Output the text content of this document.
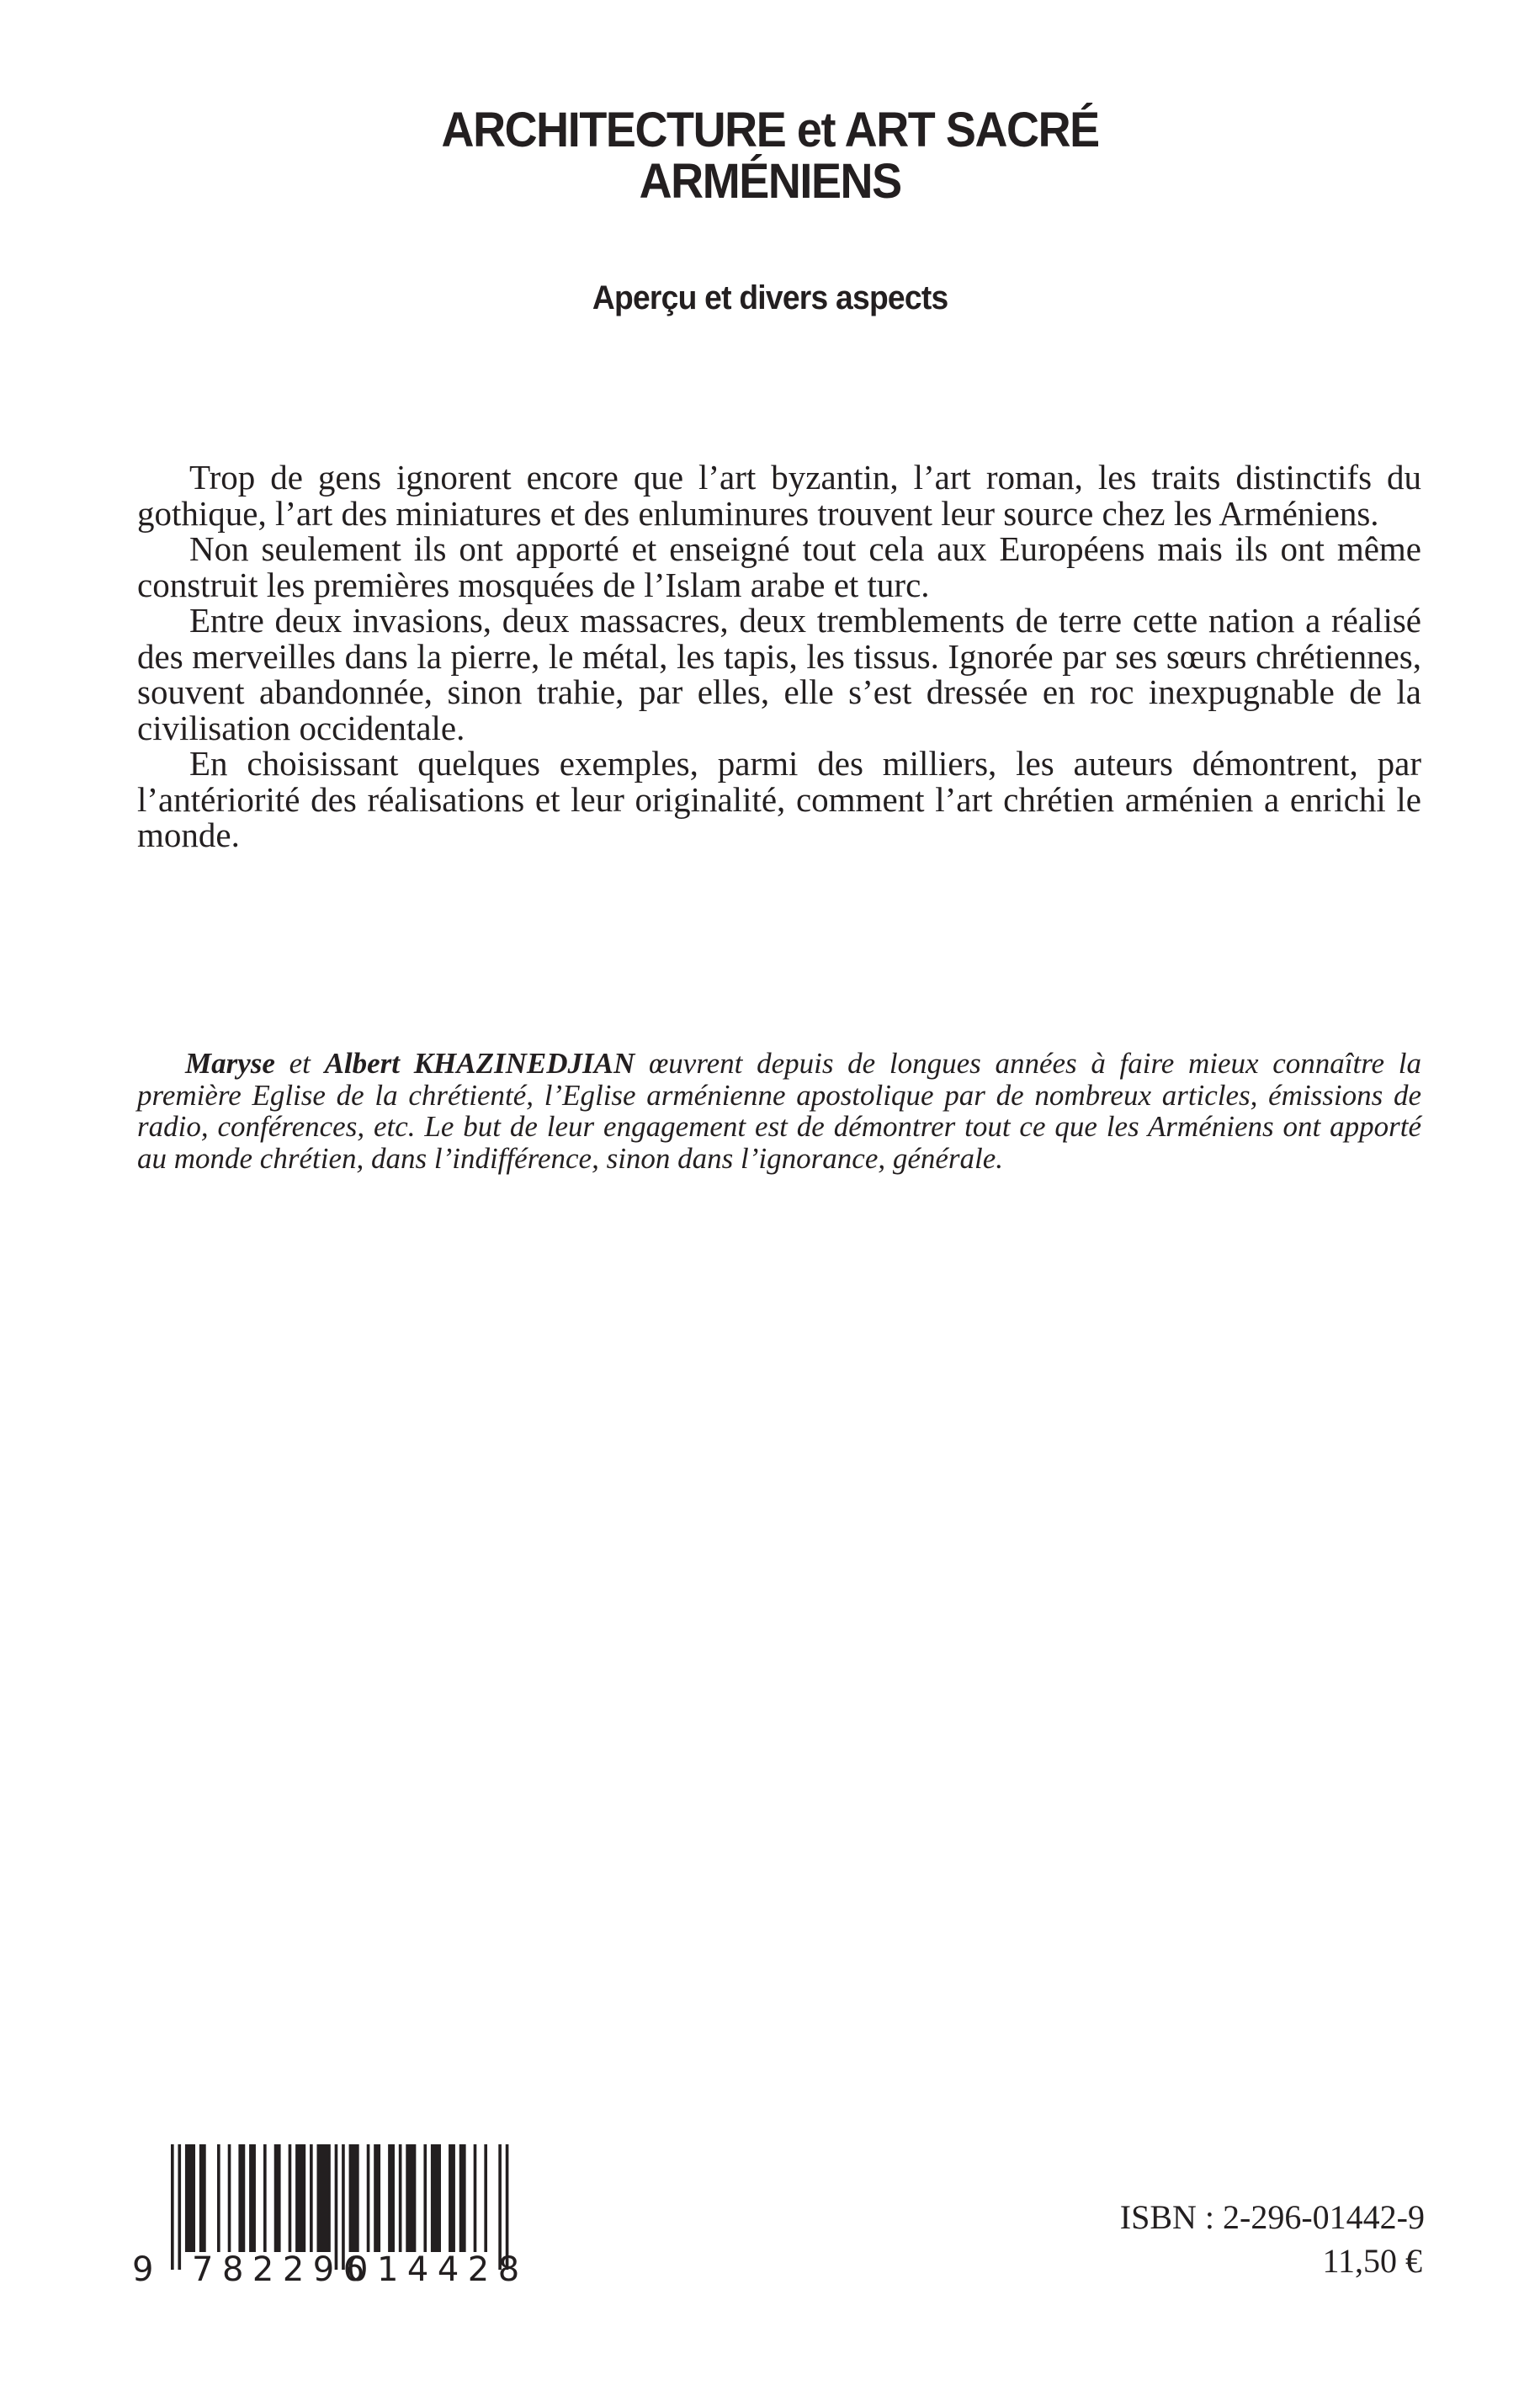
ARCHITECTURE et ART SACRÉ
ARMÉNIENS
Aperçu et divers aspects

Trop de gens ignorent encore que l’art byzantin, l’art roman, les traits distinctifs du gothique, l’art des miniatures et des enluminures trouvent leur source chez les Arméniens.

Non seulement ils ont apporté et enseigné tout cela aux Européens mais ils ont même construit les premières mosquées de l’Islam arabe et turc.

Entre deux invasions, deux massacres, deux tremblements de terre cette nation a réalisé des merveilles dans la pierre, le métal, les tapis, les tissus. Ignorée par ses sœurs chrétiennes, souvent abandonnée, sinon trahie, par elles, elle s’est dressée en roc inexpugnable de la civilisation occidentale.

En choisissant quelques exemples, parmi des milliers, les auteurs démontrent, par l’antériorité des réalisations et leur originalité, comment l’art chrétien arménien a enrichi le monde.

Maryse et Albert KHAZINEDJIAN œuvrent depuis de longues années à faire mieux connaître la première Eglise de la chrétienté, l’Eglise arménienne apostolique par de nombreux articles, émissions de radio, conférences, etc. Le but de leur engagement est de démontrer tout ce que les Arméniens ont apporté au monde chrétien, dans l’indifférence, sinon dans l’ignorance, générale.

9 782296
014428
ISBN : 2-296-01442-9
11,50 €
